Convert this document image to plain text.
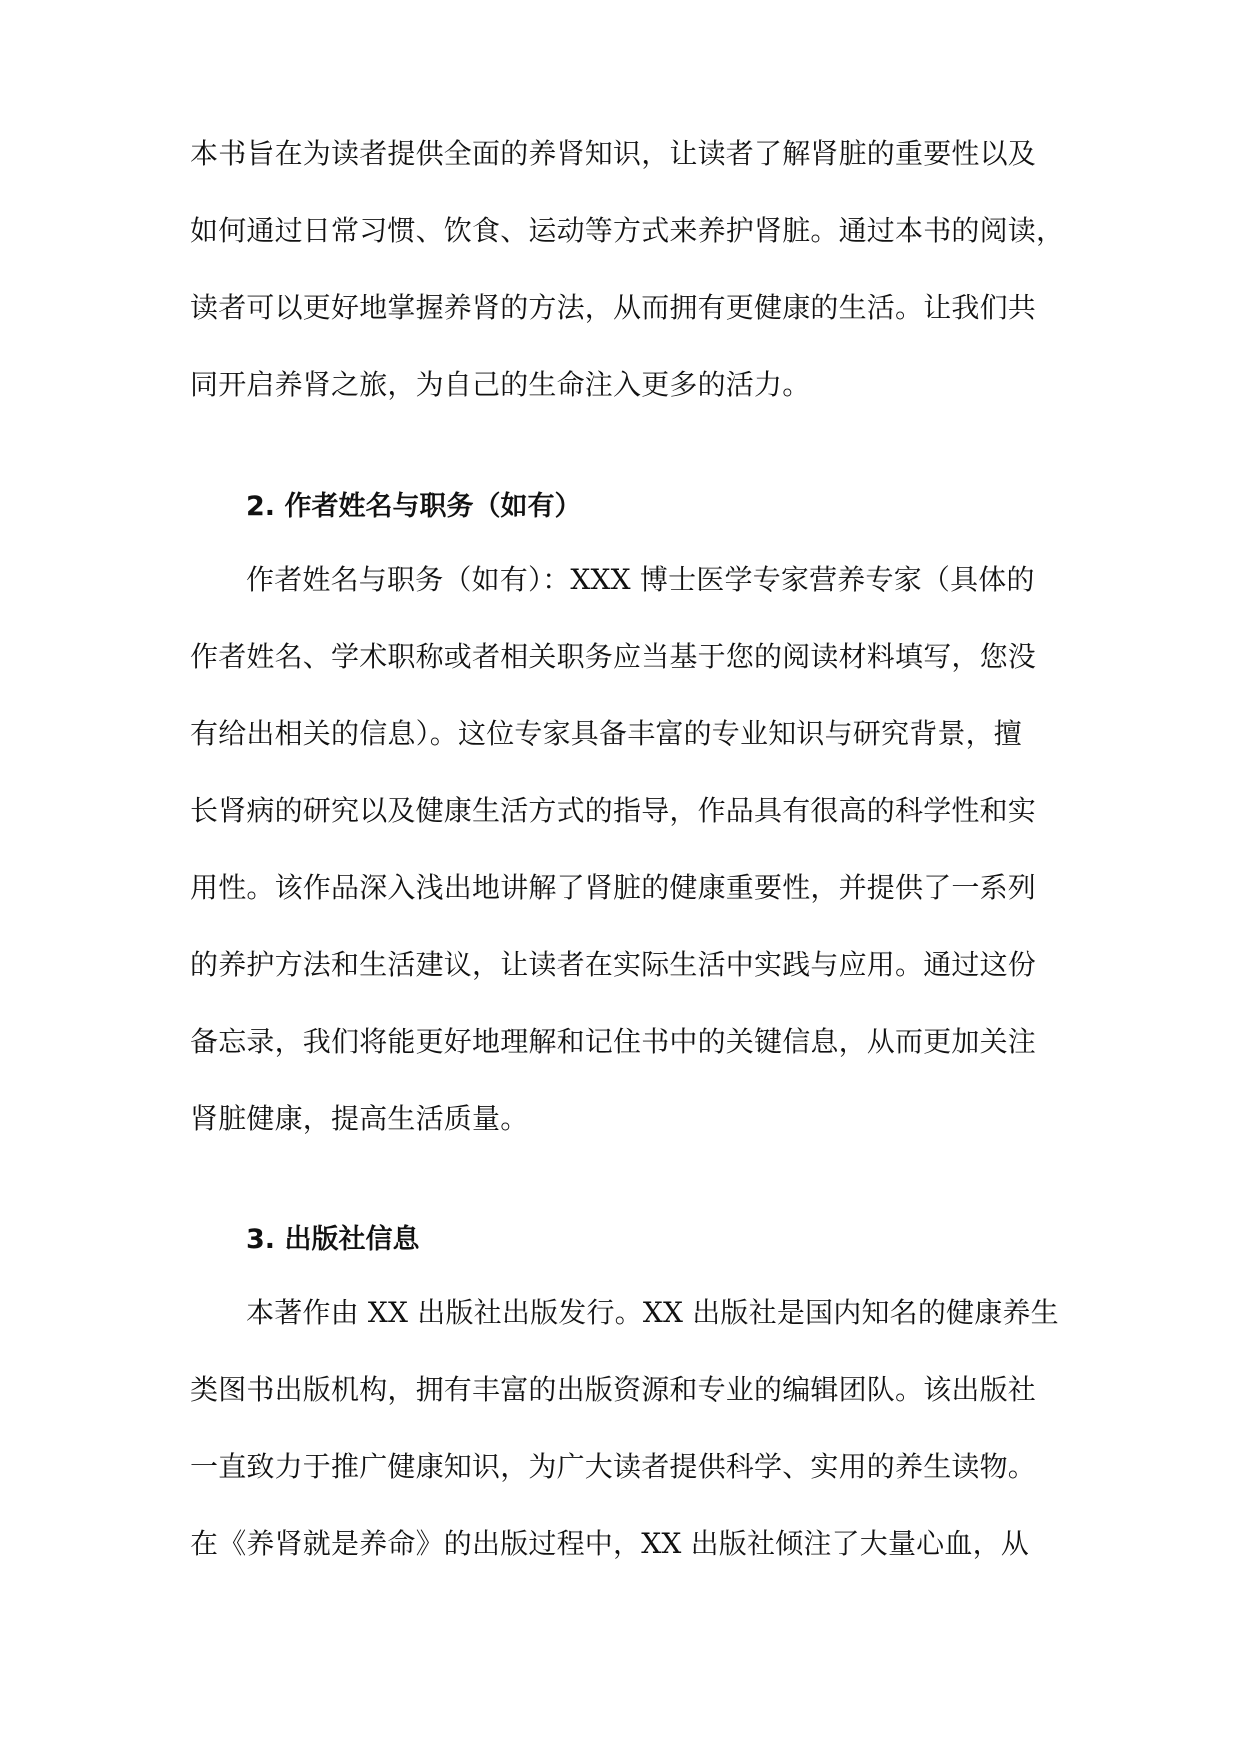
本书旨在为读者提供全面的养肾知识，让读者了解肾脏的重要性以及
如何通过日常习惯、饮食、运动等方式来养护肾脏。通过本书的阅读，
读者可以更好地掌握养肾的方法，从而拥有更健康的生活。让我们共
同开启养肾之旅，为自己的生命注入更多的活力。
2. 作者姓名与职务（如有）
作者姓名与职务（如有）：XXX 博士医学专家营养专家（具体的
作者姓名、学术职称或者相关职务应当基于您的阅读材料填写，您没
有给出相关的信息）。这位专家具备丰富的专业知识与研究背景，擅
长肾病的研究以及健康生活方式的指导，作品具有很高的科学性和实
用性。该作品深入浅出地讲解了肾脏的健康重要性，并提供了一系列
的养护方法和生活建议，让读者在实际生活中实践与应用。通过这份
备忘录，我们将能更好地理解和记住书中的关键信息，从而更加关注
肾脏健康，提高生活质量。
3. 出版社信息
本著作由 XX 出版社出版发行。XX 出版社是国内知名的健康养生
类图书出版机构，拥有丰富的出版资源和专业的编辑团队。该出版社
一直致力于推广健康知识，为广大读者提供科学、实用的养生读物。
在《养肾就是养命》的出版过程中，XX 出版社倾注了大量心血，从
